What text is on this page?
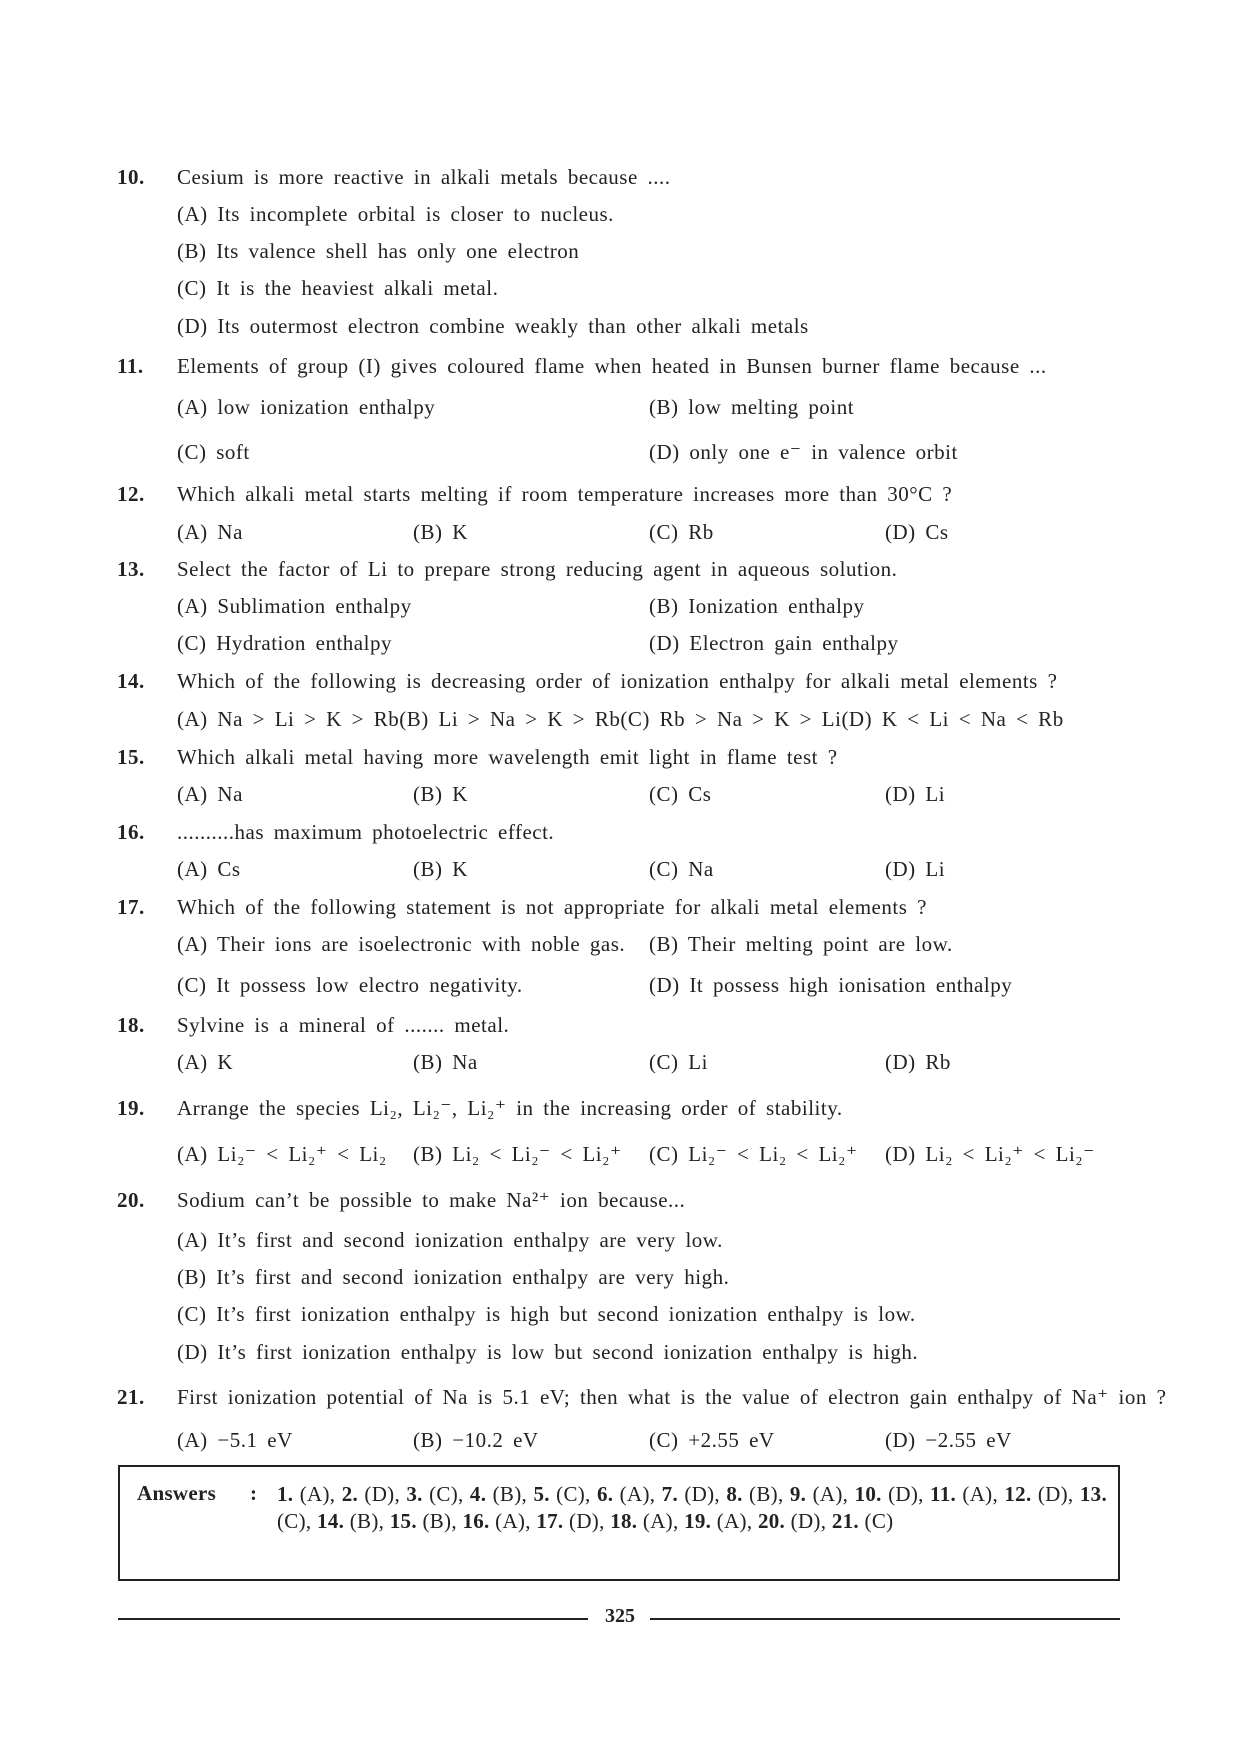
10. Cesium is more reactive in alkali metals because ....
(A) Its incomplete orbital is closer to nucleus.
(B) Its valence shell has only one electron
(C) It is the heaviest alkali metal.
(D) Its outermost electron combine weakly than other alkali metals
11. Elements of group (I) gives coloured flame when heated in Bunsen burner flame because ...
(A) low ionization enthalpy	(B) low melting point
(C) soft	(D) only one e⁻ in valence orbit
12. Which alkali metal starts melting if room temperature increases more than 30°C ?
(A) Na	(B) K	(C) Rb	(D) Cs
13. Select the factor of Li to prepare strong reducing agent in aqueous solution.
(A) Sublimation enthalpy	(B) Ionization enthalpy
(C) Hydration enthalpy	(D) Electron gain enthalpy
14. Which of the following is decreasing order of ionization enthalpy for alkali metal elements ?
(A) Na > Li > K > Rb(B) Li > Na > K > Rb(C) Rb > Na > K > Li(D) K < Li < Na < Rb
15. Which alkali metal having more wavelength emit light in flame test ?
(A) Na	(B) K	(C) Cs	(D) Li
16. ..........has maximum photoelectric effect.
(A) Cs	(B) K	(C) Na	(D) Li
17. Which of the following statement is not appropriate for alkali metal elements ?
(A) Their ions are isoelectronic with noble gas. (B) Their melting point are low.
(C) It possess low electro negativity.	(D) It possess high ionisation enthalpy
18. Sylvine is a mineral of ....... metal.
(A) K	(B) Na	(C) Li	(D) Rb
19. Arrange the species Li₂, Li₂⁻, Li₂⁺ in the increasing order of stability.
(A) Li₂⁻ < Li₂⁺ < Li₂ (B) Li₂ < Li₂⁻ < Li₂⁺ (C) Li₂⁻ < Li₂ < Li₂⁺ (D) Li₂ < Li₂⁺ < Li₂⁻
20. Sodium can’t be possible to make Na²⁺ ion because...
(A) It’s first and second ionization enthalpy are very low.
(B) It’s first and second ionization enthalpy are very high.
(C) It’s first ionization enthalpy is high but second ionization enthalpy is low.
(D) It’s first ionization enthalpy is low but second ionization enthalpy is high.
21. First ionization potential of Na is 5.1 eV; then what is the value of electron gain enthalpy of Na⁺ ion ?
(A) −5.1 eV	(B) −10.2 eV	(C) +2.55 eV	(D) −2.55 eV
Answers : 1. (A), 2. (D), 3. (C), 4. (B), 5. (C), 6. (A), 7. (D), 8. (B), 9. (A), 10. (D), 11. (A), 12. (D), 13. (C), 14. (B), 15. (B), 16. (A), 17. (D), 18. (A), 19. (A), 20. (D), 21. (C)
325
